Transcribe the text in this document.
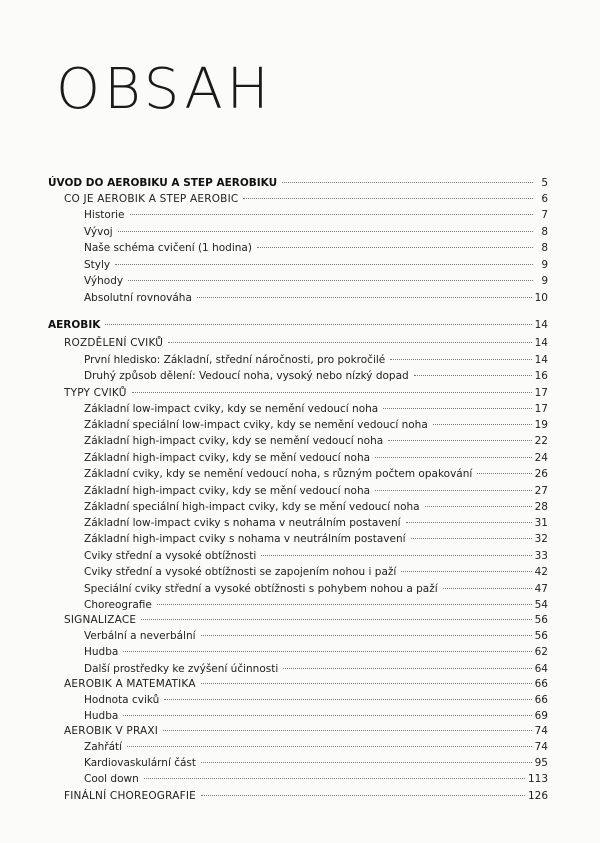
OBSAH
ÚVOD DO AEROBIKU A STEP AEROBIKU	5
CO JE AEROBIK A STEP AEROBIC	6
Historie	7
Vývoj	8
Naše schéma cvičení (1 hodina)	8
Styly	9
Výhody	9
Absolutní rovnováha	10
AEROBIK	14
ROZDĚLENÍ CVIKŮ	14
První hledisko: Základní, střední náročnosti, pro pokročilé	14
Druhý způsob dělení: Vedoucí noha, vysoký nebo nízký dopad	16
TYPY CVIKŮ	17
Základní low-impact cviky, kdy se nemění vedoucí noha	17
Základní speciální low-impact cviky, kdy se nemění vedoucí noha	19
Základní high-impact cviky, kdy se nemění vedoucí noha	22
Základní high-impact cviky, kdy se mění vedoucí noha	24
Základní cviky, kdy se nemění vedoucí noha, s různým počtem opakování	26
Základní high-impact cviky, kdy se mění vedoucí noha	27
Základní speciální high-impact cviky, kdy se mění vedoucí noha	28
Základní low-impact cviky s nohama v neutrálním postavení	31
Základní high-impact cviky s nohama v neutrálním postavení	32
Cviky střední a vysoké obtížnosti	33
Cviky střední a vysoké obtížnosti se zapojením nohou i paží	42
Speciální cviky střední a vysoké obtížnosti s pohybem nohou a paží	47
Choreografie	54
SIGNALIZACE	56
Verbální a neverbální	56
Hudba	62
Další prostředky ke zvýšení účinnosti	64
AEROBIK A MATEMATIKA	66
Hodnota cviků	66
Hudba	69
AEROBIK V PRAXI	74
Zahřátí	74
Kardiovaskulární část	95
Cool down	113
FINÁLNÍ CHOREOGRAFIE	126
